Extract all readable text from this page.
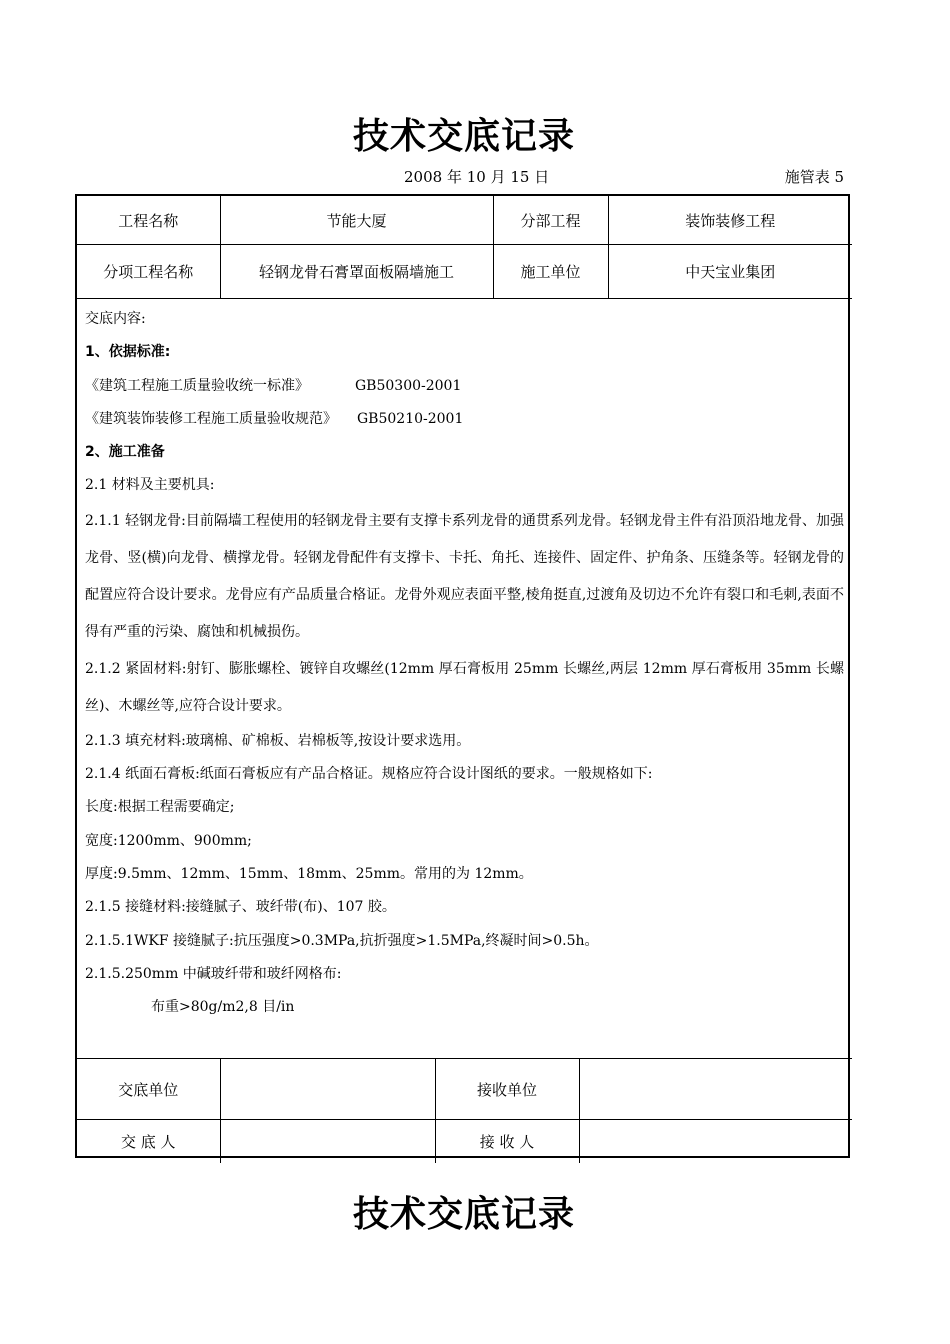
技术交底记录
2008 年 10 月 15 日	施管表 5
工程名称	节能大厦	分部工程	装饰装修工程
分项工程名称	轻钢龙骨石膏罩面板隔墙施工	施工单位	中天宝业集团
交底内容:
1、依据标准:
《建筑工程施工质量验收统一标准》	GB50300-2001
《建筑装饰装修工程施工质量验收规范》 GB50210-2001
2、施工准备
2.1 材料及主要机具:
2.1.1 轻钢龙骨:目前隔墙工程使用的轻钢龙骨主要有支撑卡系列龙骨的通贯系列龙骨。轻钢龙骨主件有沿顶沿地龙骨、加强龙骨、竖(横)向龙骨、横撑龙骨。轻钢龙骨配件有支撑卡、卡托、角托、连接件、固定件、护角条、压缝条等。轻钢龙骨的配置应符合设计要求。龙骨应有产品质量合格证。龙骨外观应表面平整,棱角挺直,过渡角及切边不允许有裂口和毛刺,表面不得有严重的污染、腐蚀和机械损伤。
2.1.2 紧固材料:射钉、膨胀螺栓、镀锌自攻螺丝(12mm 厚石膏板用 25mm 长螺丝,两层 12mm 厚石膏板用 35mm 长螺丝)、木螺丝等,应符合设计要求。
2.1.3 填充材料:玻璃棉、矿棉板、岩棉板等,按设计要求选用。
2.1.4 纸面石膏板:纸面石膏板应有产品合格证。规格应符合设计图纸的要求。一般规格如下:
长度:根据工程需要确定;
宽度:1200mm、900mm;
厚度:9.5mm、12mm、15mm、18mm、25mm。常用的为 12mm。
2.1.5 接缝材料:接缝腻子、玻纤带(布)、107 胶。
2.1.5.1WKF 接缝腻子:抗压强度>0.3MPa,抗折强度>1.5MPa,终凝时间>0.5h。
2.1.5.250mm 中碱玻纤带和玻纤网格布:
布重>80g/m2,8 目/in
交底单位		接收单位	
交 底 人		接 收 人	
技术交底记录
